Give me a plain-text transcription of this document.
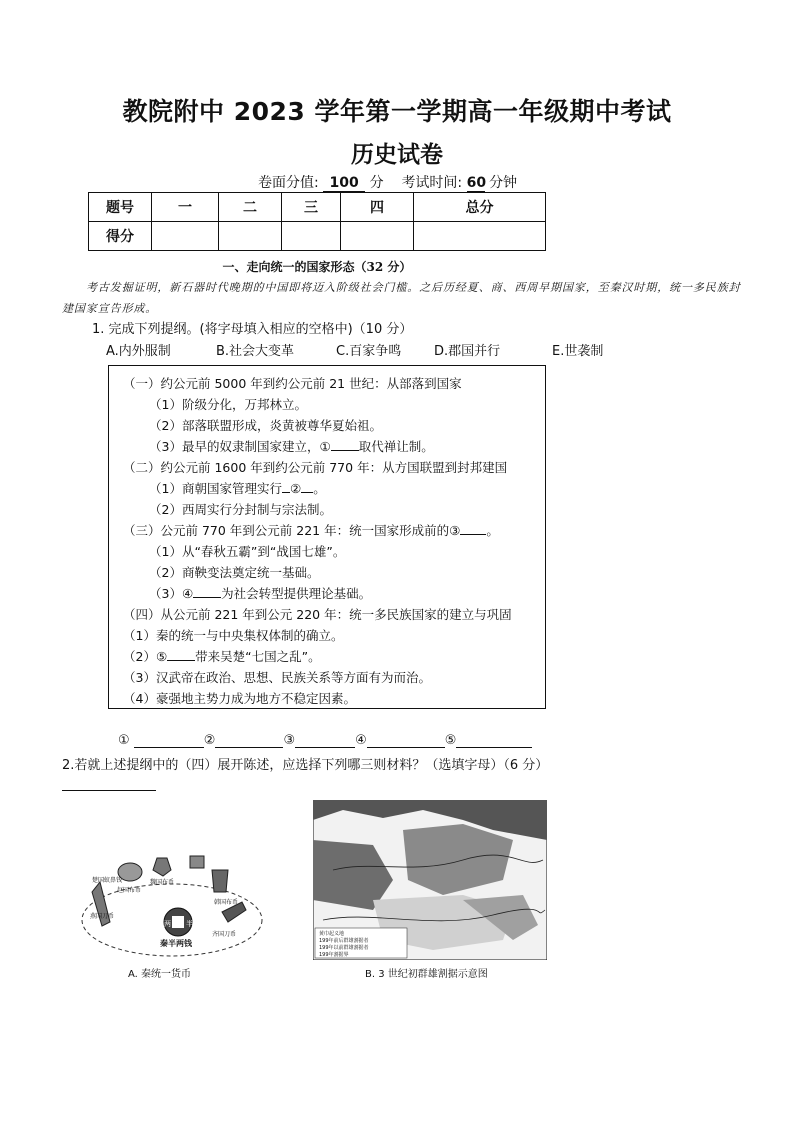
教院附中 2023 学年第一学期高一年级期中考试
历史试卷
卷面分值: 100 分 考试时间: 60 分钟
题号	一	二	三	四	总分
得分					
一、走向统一的国家形态（32 分）
考古发掘证明，新石器时代晚期的中国即将迈入阶级社会门槛。之后历经夏、商、西周早期国家，至秦汉时期，统一多民族封建国家宣告形成。
1. 完成下列提纲。(将字母填入相应的空格中)（10 分）
A.内外服制	B.社会大变革	C.百家争鸣	D.郡国并行	E.世袭制
（一）约公元前 5000 年到约公元前 21 世纪：从部落到国家
（1）阶级分化，万邦林立。
（2）部落联盟形成，炎黄被尊华夏始祖。
（3）最早的奴隶制国家建立，① 取代禅让制。
（二）约公元前 1600 年到约公元前 770 年：从方国联盟到封邦建国
（1）商朝国家管理实行 ② 。
（2）西周实行分封制与宗法制。
（三）公元前 770 年到公元前 221 年：统一国家形成前的③ 。
（1）从“春秋五霸”到“战国七雄”。
（2）商鞅变法奠定统一基础。
（3）④ 为社会转型提供理论基础。
（四）从公元前 221 年到公元 220 年：统一多民族国家的建立与巩固
（1）秦的统一与中央集权体制的确立。
（2）⑤ 带来吴楚“七国之乱”。
（3）汉武帝在政治、思想、民族关系等方面有为而治。
（4）豪强地主势力成为地方不稳定因素。
①	②	③	④	⑤
2.若就上述提纲中的（四）展开陈述，应选择下列哪三则材料？（选填字母）（6 分）
赵国布币
魏国布币
楚国蚁鼻钱
燕国刀币
韩国布币
齐国刀币
秦半两钱
两 半
A. 秦统一货币
黄巾起义地
199年前后群雄割据者
199年以前群雄割据者
199年割据界
B. 3 世纪初群雄割据示意图
